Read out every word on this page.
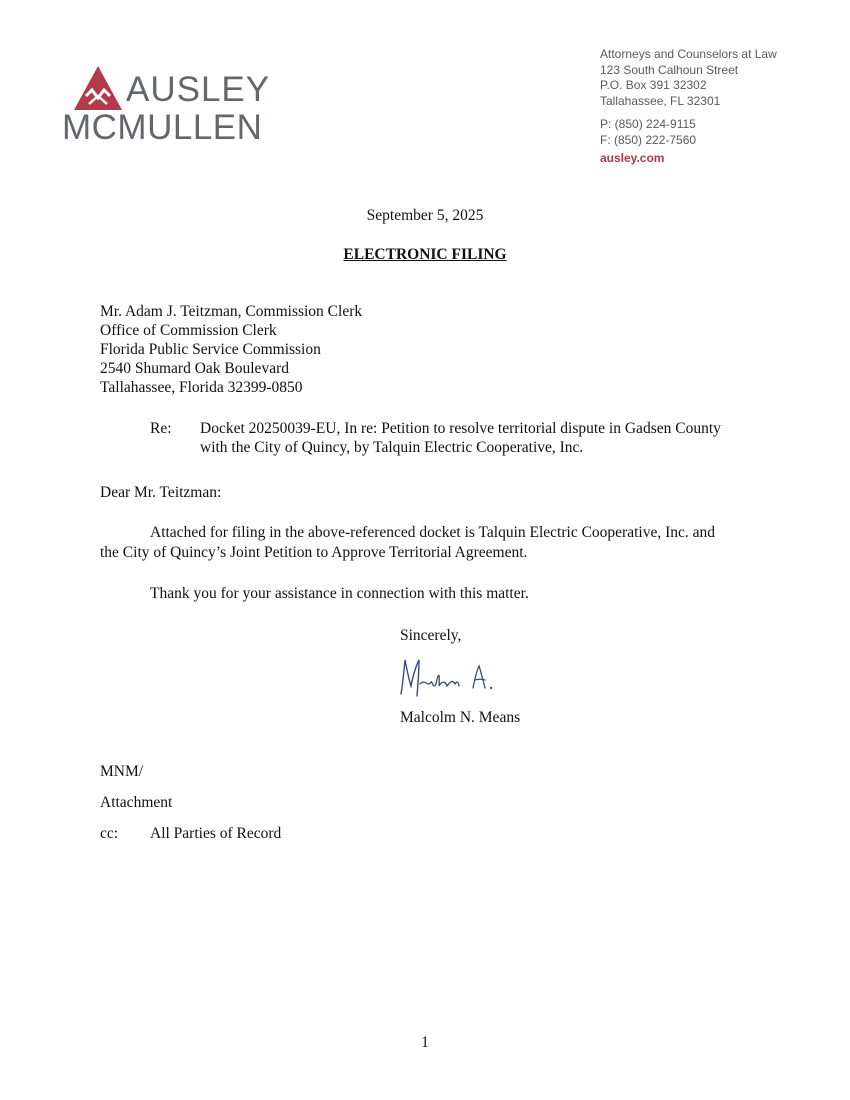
AUSLEY
MCMULLEN
Attorneys and Counselors at Law
123 South Calhoun Street
P.O. Box 391 32302
Tallahassee, FL 32301
P: (850) 224-9115
F: (850) 222-7560
ausley.com
September 5, 2025
ELECTRONIC FILING
Mr. Adam J. Teitzman, Commission Clerk
Office of Commission Clerk
Florida Public Service Commission
2540 Shumard Oak Boulevard
Tallahassee, Florida 32399-0850
Re: Docket 20250039-EU, In re: Petition to resolve territorial dispute in Gadsen County
with the City of Quincy, by Talquin Electric Cooperative, Inc.
Dear Mr. Teitzman:
Attached for filing in the above-referenced docket is Talquin Electric Cooperative, Inc. and
the City of Quincy’s Joint Petition to Approve Territorial Agreement.
Thank you for your assistance in connection with this matter.
Sincerely,
Malcolm N. Means
MNM/
Attachment
cc: All Parties of Record
1
